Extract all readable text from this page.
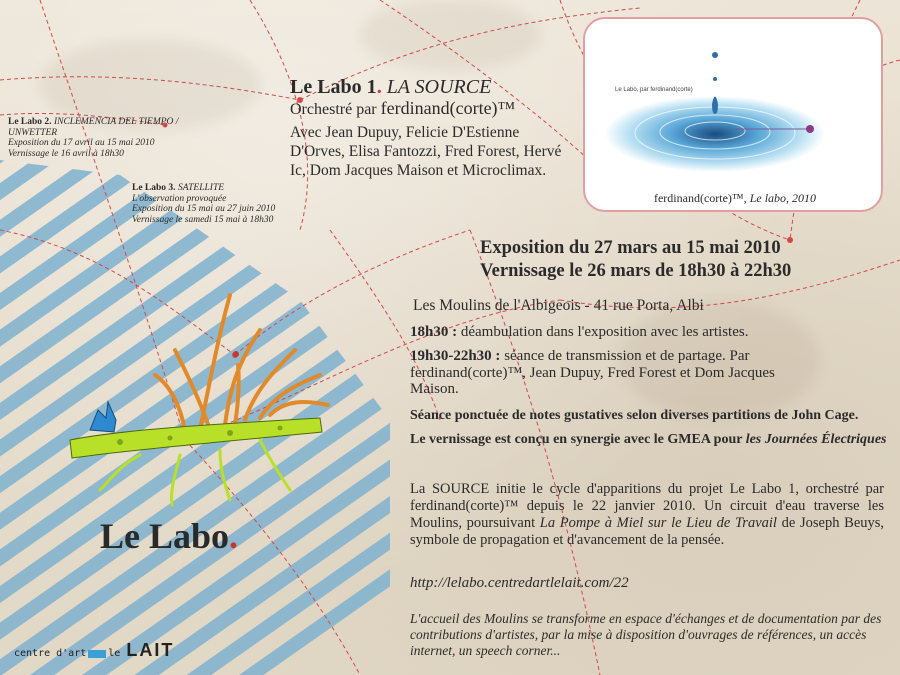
Le Labo 2. INCLEMENCIA DEL TIEMPO / UNWETTER
Exposition du 17 avril au 15 mai 2010
Vernissage le 16 avril à 18h30
Le Labo 3. SATELLITE
L'observation provoquée
Exposition du 15 mai au 27 juin 2010
Vernissage le samedi 15 mai à 18h30
Le Labo 1. LA SOURCE
Orchestré par ferdinand(corte)™
Avec Jean Dupuy, Felicie D'Estienne D'Orves, Elisa Fantozzi, Fred Forest, Hervé Ic, Dom Jacques Maison et Microclimax.
Le Labo, par ferdinand(corte)
ferdinand(corte)™, Le labo, 2010
Exposition du 27 mars au 15 mai 2010
Vernissage le 26 mars de 18h30 à 22h30
Les Moulins de l'Albigeois - 41 rue Porta, Albi
18h30 : déambulation dans l'exposition avec les artistes.
19h30-22h30 : séance de transmission et de partage. Par ferdinand(corte)™, Jean Dupuy, Fred Forest et Dom Jacques Maison.
Séance ponctuée de notes gustatives selon diverses partitions de John Cage.
Le vernissage est conçu en synergie avec le GMEA pour les Journées Électriques
La SOURCE initie le cycle d'apparitions du projet Le Labo 1, orchestré par ferdinand(corte)™ depuis le 22 janvier 2010. Un circuit d'eau traverse les Moulins, poursuivant La Pompe à Miel sur le Lieu de Travail de Joseph Beuys, symbole de propagation et d'avancement de la pensée.
http://lelabo.centredartlelait.com/22
L'accueil des Moulins se transforme en espace d'échanges et de documentation par des contributions d'artistes, par la mise à disposition d'ouvrages de références, un accès internet, un speech corner...
Le Labo.
centre d'art le LAIT
